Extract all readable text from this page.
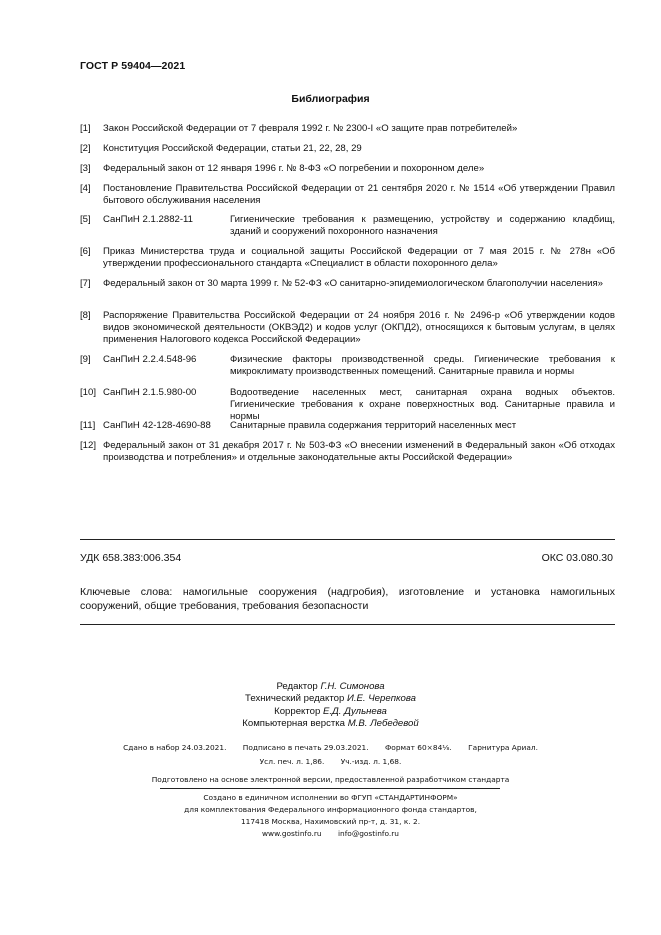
ГОСТ Р 59404—2021
Библиография
[1] Закон Российской Федерации от 7 февраля 1992 г. № 2300-I «О защите прав потребителей»
[2] Конституция Российской Федерации, статьи 21, 22, 28, 29
[3] Федеральный закон от 12 января 1996 г. № 8-ФЗ «О погребении и похоронном деле»
[4] Постановление Правительства Российской Федерации от 21 сентября 2020 г. № 1514 «Об утверждении Правил бытового обслуживания населения
[5] СанПиН 2.1.2882-11	Гигиенические требования к размещению, устройству и содержанию кладбищ, зданий и сооружений похоронного назначения
[6] Приказ Министерства труда и социальной защиты Российской Федерации от 7 мая 2015 г. № 278н «Об утверждении профессионального стандарта «Специалист в области похоронного дела»
[7] Федеральный закон от 30 марта 1999 г. № 52-ФЗ «О санитарно-эпидемиологическом благополучии населения»
[8] Распоряжение Правительства Российской Федерации от 24 ноября 2016 г. № 2496-р «Об утверждении кодов видов экономической деятельности (ОКВЭД2) и кодов услуг (ОКПД2), относящихся к бытовым услугам, в целях применения Налогового кодекса Российской Федерации»
[9] СанПиН 2.2.4.548-96	Физические факторы производственной среды. Гигиенические требования к микроклимату производственных помещений. Санитарные правила и нормы
[10] СанПиН 2.1.5.980-00	Водоотведение населенных мест, санитарная охрана водных объектов. Гигиенические требования к охране поверхностных вод. Санитарные правила и нормы
[11] СанПиН 42-128-4690-88 Санитарные правила содержания территорий населенных мест
[12] Федеральный закон от 31 декабря 2017 г. № 503-ФЗ «О внесении изменений в Федеральный закон «Об отходах производства и потребления» и отдельные законодательные акты Российской Федерации»
УДК 658.383:006.354	ОКС 03.080.30
Ключевые слова: намогильные сооружения (надгробия), изготовление и установка намогильных сооружений, общие требования, требования безопасности
Редактор Г.Н. Симонова
Технический редактор И.Е. Черепкова
Корректор Е.Д. Дульнева
Компьютерная верстка М.В. Лебедевой
Сдано в набор 24.03.2021. Подписано в печать 29.03.2021. Формат 60×84⅛. Гарнитура Ариал.
Усл. печ. л. 1,86. Уч.-изд. л. 1,68.
Подготовлено на основе электронной версии, предоставленной разработчиком стандарта
Создано в единичном исполнении во ФГУП «СТАНДАРТИНФОРМ»
для комплектования Федерального информационного фонда стандартов,
117418 Москва, Нахимовский пр-т, д. 31, к. 2.
www.gostinfo.ru info@gostinfo.ru
